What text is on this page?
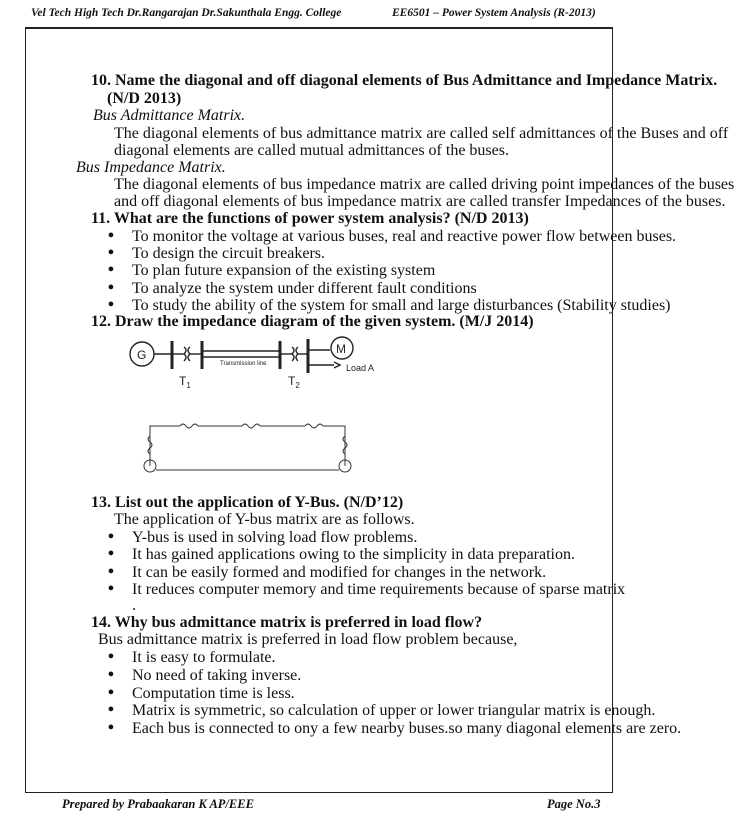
Vel Tech High Tech Dr.Rangarajan Dr.Sakunthala Engg. College	EE6501 – Power System Analysis (R-2013)
10. Name the diagonal and off diagonal elements of Bus Admittance and Impedance Matrix.
(N/D 2013)
Bus Admittance Matrix.
The diagonal elements of bus admittance matrix are called self admittances of the Buses and off
diagonal elements are called mutual admittances of the buses.
Bus Impedance Matrix.
The diagonal elements of bus impedance matrix are called driving point impedances of the buses
and off diagonal elements of bus impedance matrix are called transfer Impedances of the buses.
11. What are the functions of power system analysis? (N/D 2013)
● To monitor the voltage at various buses, real and reactive power flow between buses.
● To design the circuit breakers.
● To plan future expansion of the existing system
● To analyze the system under different fault conditions
● To study the ability of the system for small and large disturbances (Stability studies)
12. Draw the impedance diagram of the given system. (M/J 2014)
G	M
Transmission line
$T_1$	$T_2$
Load A
13. List out the application of Y-Bus. (N/D’12)
The application of Y-bus matrix are as follows.
● Y-bus is used in solving load flow problems.
● It has gained applications owing to the simplicity in data preparation.
● It can be easily formed and modified for changes in the network.
● It reduces computer memory and time requirements because of sparse matrix
.
14. Why bus admittance matrix is preferred in load flow?
Bus admittance matrix is preferred in load flow problem because,
● It is easy to formulate.
● No need of taking inverse.
● Computation time is less.
● Matrix is symmetric, so calculation of upper or lower triangular matrix is enough.
● Each bus is connected to ony a few nearby buses.so many diagonal elements are zero.
Prepared by Prabaakaran K AP/EEE	Page No.3
